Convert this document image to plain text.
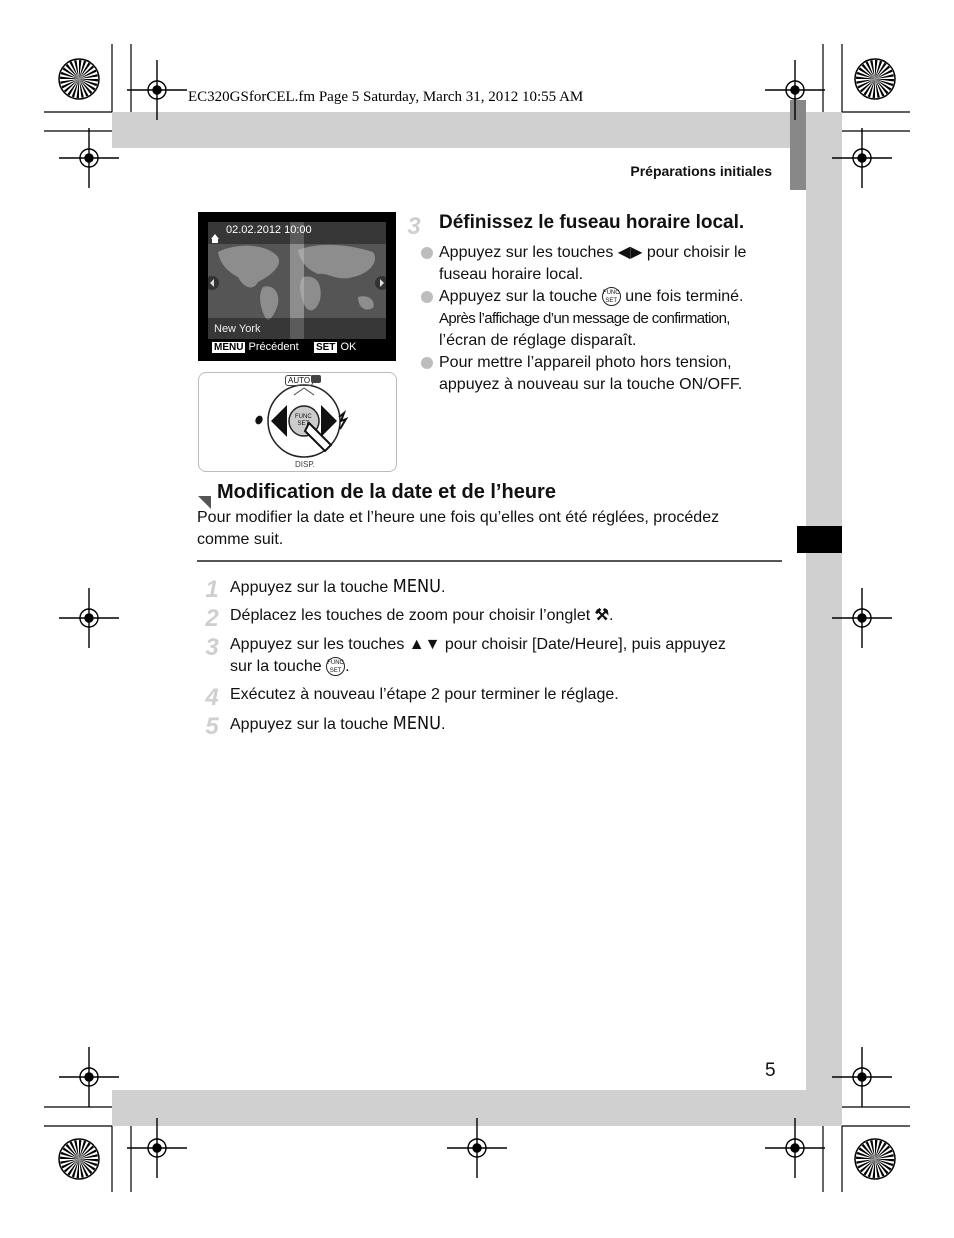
EC320GSforCEL.fm Page 5 Saturday, March 31, 2012 10:55 AM
Préparations initiales
02.02.2012 10:00
New York
MENU Précédent SET OK
AUTO
FUNC
SET
DISP.
3 Définissez le fuseau horaire local.
Appuyez sur les touches ◀▶ pour choisir le
fuseau horaire local.
Appuyez sur la touche FUNC
SET une fois terminé.
Après l’affichage d’un message de confirmation,
l’écran de réglage disparaît.
Pour mettre l’appareil photo hors tension,
appuyez à nouveau sur la touche ON/OFF.
Modification de la date et de l’heure
Pour modifier la date et l’heure une fois qu’elles ont été réglées, procédez
comme suit.
1 Appuyez sur la touche MENU.
2 Déplacez les touches de zoom pour choisir l’onglet ⚒.
3 Appuyez sur les touches ▲▼ pour choisir [Date/Heure], puis appuyez
sur la touche FUNC
SET .
4 Exécutez à nouveau l’étape 2 pour terminer le réglage.
5 Appuyez sur la touche MENU.
5
